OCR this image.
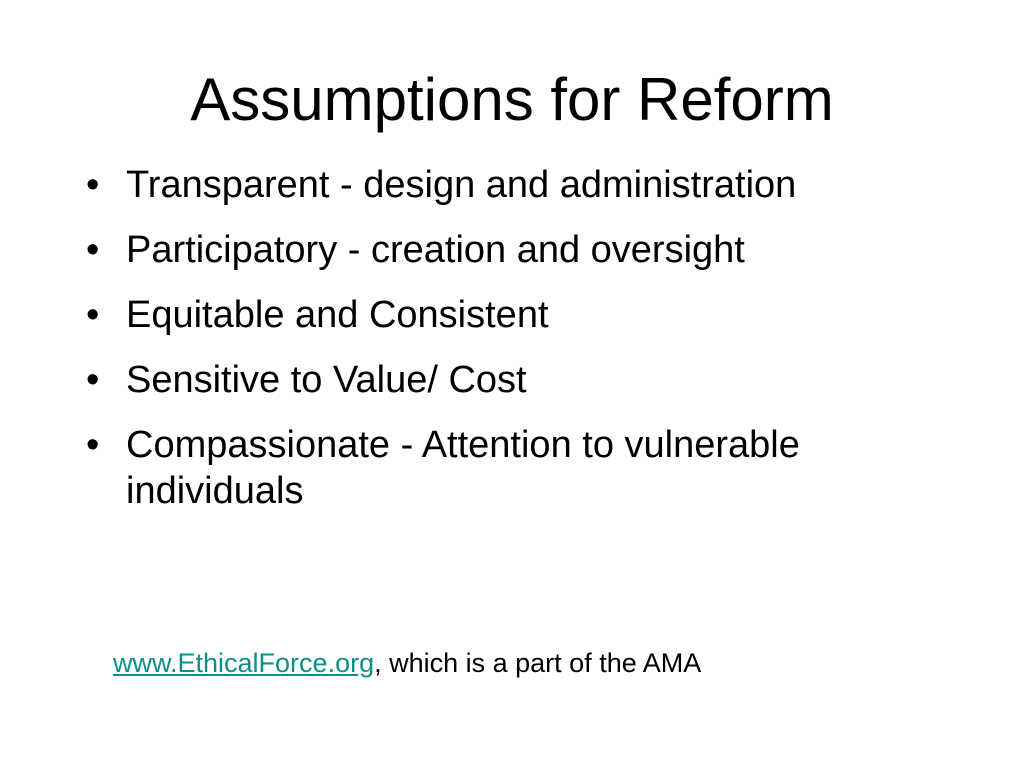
Assumptions for Reform
• Transparent - design and administration
• Participatory - creation and oversight
• Equitable and Consistent
• Sensitive to Value/ Cost
• Compassionate - Attention to vulnerable individuals
www.EthicalForce.org, which is a part of the AMA
